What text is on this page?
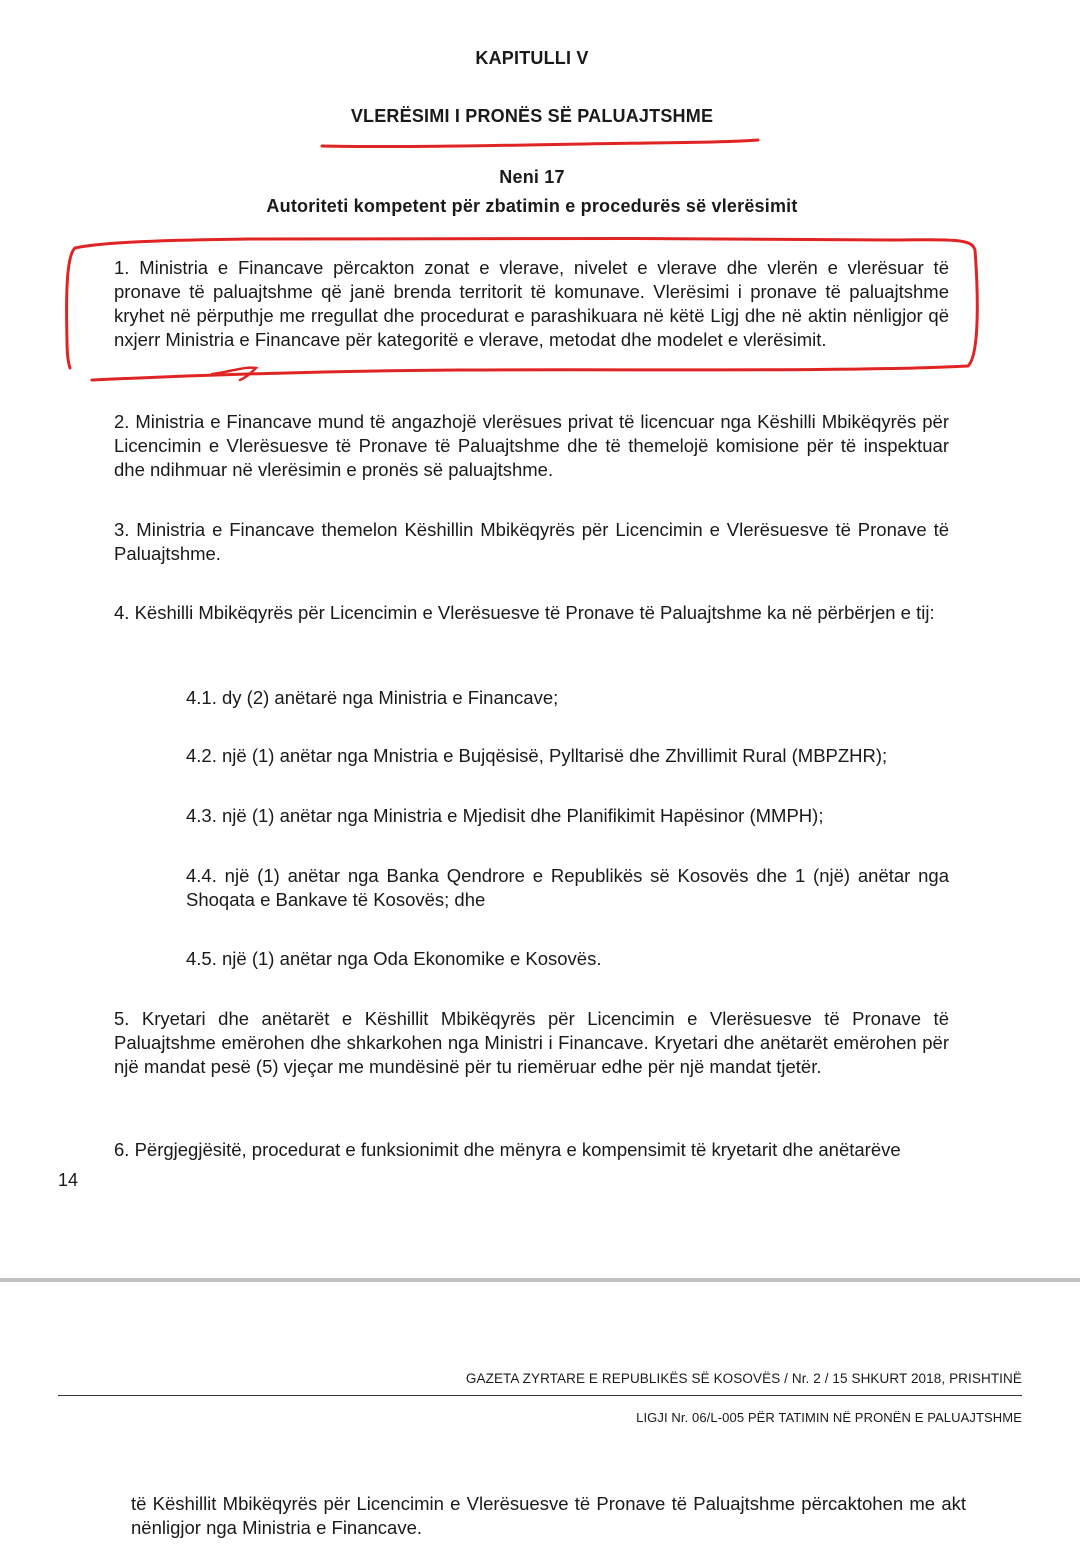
KAPITULLI V
VLERËSIMI I PRONËS SË PALUAJTSHME
Neni 17
Autoriteti kompetent për zbatimin e procedurës së vlerësimit
1. Ministria e Financave përcakton zonat e vlerave, nivelet e vlerave dhe vlerën e vlerësuar të pronave të paluajtshme që janë brenda territorit të komunave. Vlerësimi i pronave të paluajtshme kryhet në përputhje me rregullat dhe procedurat e parashikuara në këtë Ligj dhe në aktin nënligjor që nxjerr Ministria e Financave për kategoritë e vlerave, metodat dhe modelet e vlerësimit.
2. Ministria e Financave mund të angazhojë vlerësues privat të licencuar nga Këshilli Mbikëqyrës për Licencimin e Vlerësuesve të Pronave të Paluajtshme dhe të themelojë komisione për të inspektuar dhe ndihmuar në vlerësimin e pronës së paluajtshme.
3. Ministria e Financave themelon Këshillin Mbikëqyrës për Licencimin e Vlerësuesve të Pronave të Paluajtshme.
4. Këshilli Mbikëqyrës për Licencimin e Vlerësuesve të Pronave të Paluajtshme ka në përbërjen e tij:
4.1. dy (2) anëtarë nga Ministria e Financave;
4.2. një (1) anëtar nga Mnistria e Bujqësisë, Pylltarisë dhe Zhvillimit Rural (MBPZHR);
4.3. një (1) anëtar nga Ministria e Mjedisit dhe Planifikimit Hapësinor (MMPH);
4.4. një (1) anëtar nga Banka Qendrore e Republikës së Kosovës dhe 1 (një) anëtar nga Shoqata e Bankave të Kosovës; dhe
4.5. një (1) anëtar nga Oda Ekonomike e Kosovës.
5. Kryetari dhe anëtarët e Këshillit Mbikëqyrës për Licencimin e Vlerësuesve të Pronave të Paluajtshme emërohen dhe shkarkohen nga Ministri i Financave. Kryetari dhe anëtarët emërohen për një mandat pesë (5) vjeçar me mundësinë për tu riemëruar edhe për një mandat tjetër.
6. Përgjegjësitë, procedurat e funksionimit dhe mënyra e kompensimit të kryetarit dhe anëtarëve
14
GAZETA ZYRTARE E REPUBLIKËS SË KOSOVËS / Nr. 2 / 15 SHKURT 2018, PRISHTINË
LIGJI Nr. 06/L-005 PËR TATIMIN NË PRONËN E PALUAJTSHME
të Këshillit Mbikëqyrës për Licencimin e Vlerësuesve të Pronave të Paluajtshme përcaktohen me akt nënligjor nga Ministria e Financave.
